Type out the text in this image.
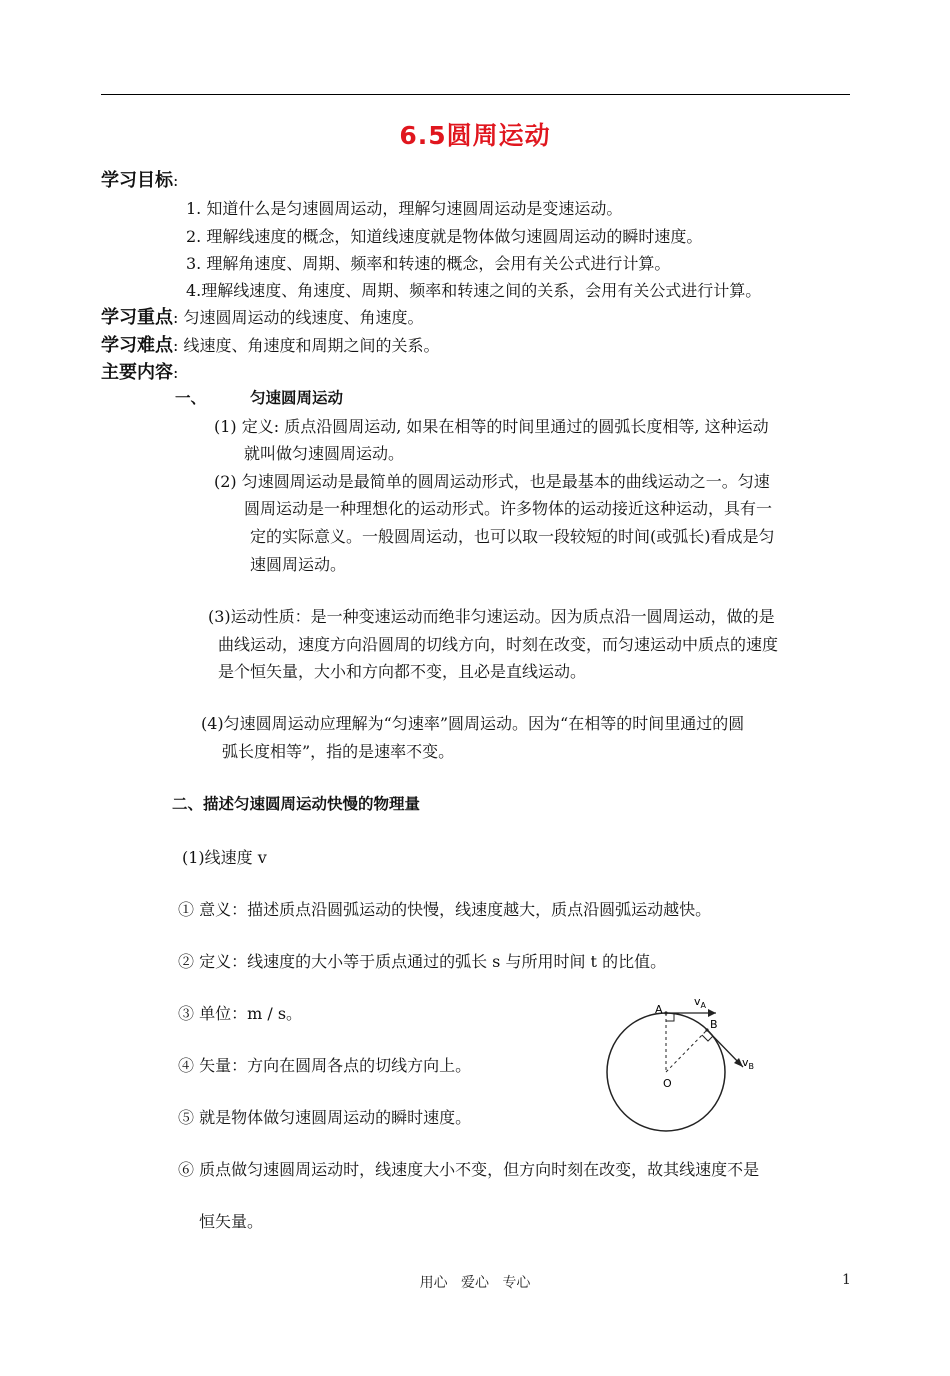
6.5圆周运动
学习目标:
1. 知道什么是匀速圆周运动，理解匀速圆周运动是变速运动。
2. 理解线速度的概念，知道线速度就是物体做匀速圆周运动的瞬时速度。
3. 理解角速度、周期、频率和转速的概念，会用有关公式进行计算。
4.理解线速度、角速度、周期、频率和转速之间的关系，会用有关公式进行计算。
学习重点: 匀速圆周运动的线速度、角速度。
学习难点: 线速度、角速度和周期之间的关系。
主要内容:
一、	匀速圆周运动
(1) 定义: 质点沿圆周运动, 如果在相等的时间里通过的圆弧长度相等, 这种运动
就叫做匀速圆周运动。
(2) 匀速圆周运动是最简单的圆周运动形式，也是最基本的曲线运动之一。匀速
圆周运动是一种理想化的运动形式。许多物体的运动接近这种运动，具有一
定的实际意义。一般圆周运动，也可以取一段较短的时间(或弧长)看成是匀
速圆周运动。
(3)运动性质：是一种变速运动而绝非匀速运动。因为质点沿一圆周运动，做的是
曲线运动，速度方向沿圆周的切线方向，时刻在改变，而匀速运动中质点的速度
是个恒矢量，大小和方向都不变，且必是直线运动。
(4)匀速圆周运动应理解为“匀速率”圆周运动。因为“在相等的时间里通过的圆
弧长度相等”，指的是速率不变。
二、描述匀速圆周运动快慢的物理量
(1)线速度 v
① 意义：描述质点沿圆弧运动的快慢，线速度越大，质点沿圆弧运动越快。
② 定义：线速度的大小等于质点通过的弧长 s 与所用时间 t 的比值。
③ 单位：m / s。
④ 矢量：方向在圆周各点的切线方向上。
⑤ 就是物体做匀速圆周运动的瞬时速度。
⑥ 质点做匀速圆周运动时，线速度大小不变，但方向时刻在改变，故其线速度不是
恒矢量。
A
B
O
$v_A$
$v_B$
用心   爱心   专心	1
